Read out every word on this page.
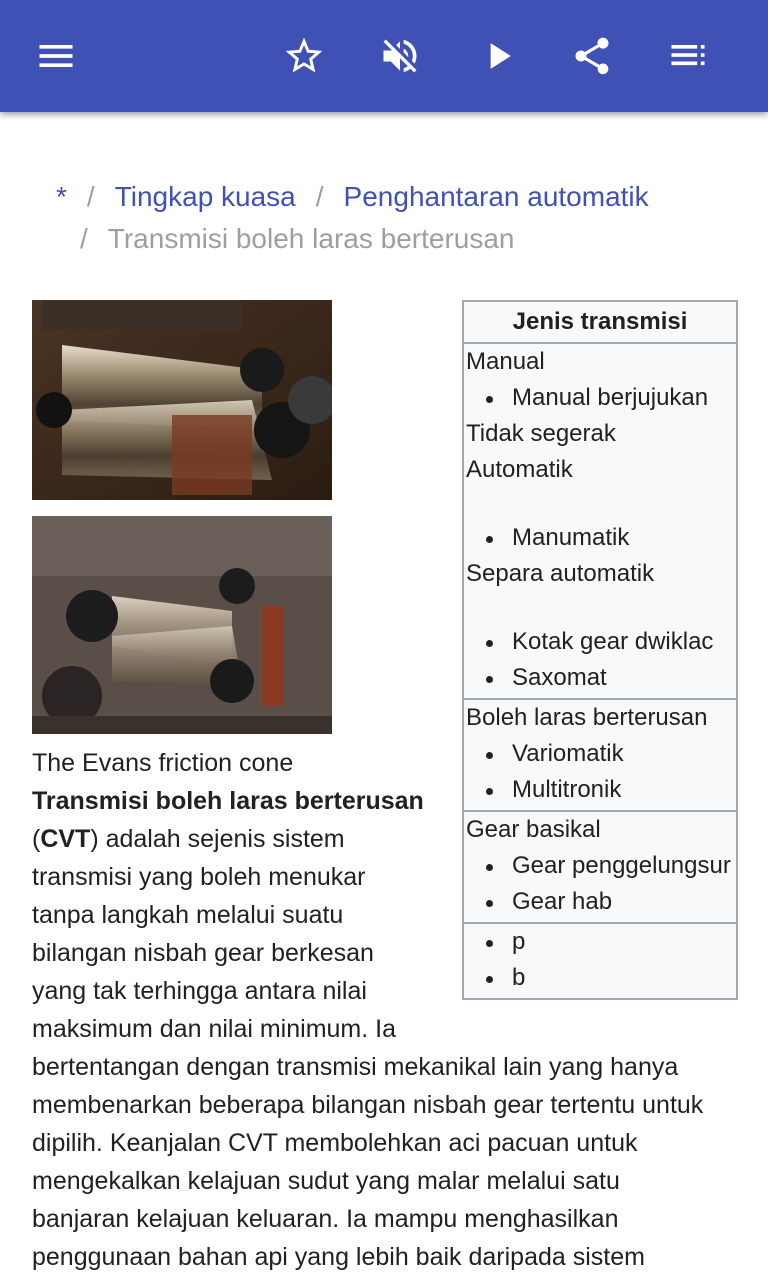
* / Tingkap kuasa / Penghantaran automatik
/ Transmisi boleh laras berterusan
Jenis transmisi
Manual
Manual berjujukan
Tidak segerak
Automatik
Manumatik
Separa automatik
Kotak gear dwiklac
Saxomat
Boleh laras berterusan
Variomatik
Multitronik
Gear basikal
Gear penggelungsur
Gear hab
p
b
The Evans friction cone
Transmisi boleh laras berterusan
(CVT) adalah sejenis sistem
transmisi yang boleh menukar
tanpa langkah melalui suatu
bilangan nisbah gear berkesan
yang tak terhingga antara nilai
maksimum dan nilai minimum. Ia
bertentangan dengan transmisi mekanikal lain yang hanya
membenarkan beberapa bilangan nisbah gear tertentu untuk
dipilih. Keanjalan CVT membolehkan aci pacuan untuk
mengekalkan kelajuan sudut yang malar melalui satu
banjaran kelajuan keluaran. Ia mampu menghasilkan
penggunaan bahan api yang lebih baik daripada sistem
